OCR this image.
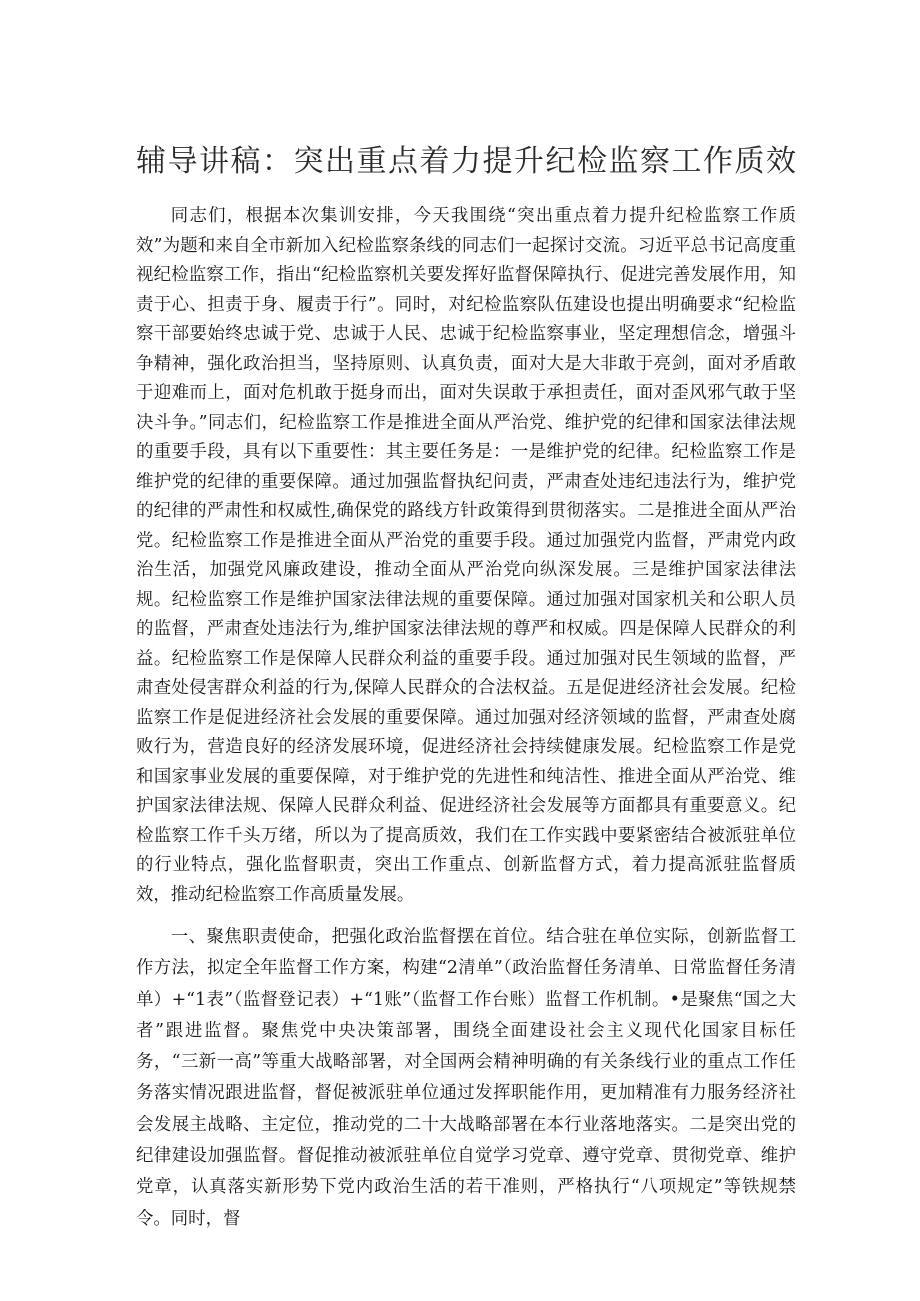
辅导讲稿：突出重点着力提升纪检监察工作质效

同志们，根据本次集训安排，今天我围绕“突出重点着力提升纪检监察工作质效”为题和来自全市新加入纪检监察条线的同志们一起探讨交流。习近平总书记高度重视纪检监察工作，指出“纪检监察机关要发挥好监督保障执行、促进完善发展作用，知责于心、担责于身、履责于行”。同时，对纪检监察队伍建设也提出明确要求“纪检监察干部要始终忠诚于党、忠诚于人民、忠诚于纪检监察事业，坚定理想信念，增强斗争精神，强化政治担当，坚持原则、认真负责，面对大是大非敢于亮剑，面对矛盾敢于迎难而上，面对危机敢于挺身而出，面对失误敢于承担责任，面对歪风邪气敢于坚决斗争。”同志们，纪检监察工作是推进全面从严治党、维护党的纪律和国家法律法规的重要手段，具有以下重要性：其主要任务是：一是维护党的纪律。纪检监察工作是维护党的纪律的重要保障。通过加强监督执纪问责，严肃查处违纪违法行为，维护党的纪律的严肃性和权威性,确保党的路线方针政策得到贯彻落实。二是推进全面从严治党。纪检监察工作是推进全面从严治党的重要手段。通过加强党内监督，严肃党内政治生活，加强党风廉政建设，推动全面从严治党向纵深发展。三是维护国家法律法规。纪检监察工作是维护国家法律法规的重要保障。通过加强对国家机关和公职人员的监督，严肃查处违法行为,维护国家法律法规的尊严和权威。四是保障人民群众的利益。纪检监察工作是保障人民群众利益的重要手段。通过加强对民生领域的监督，严肃查处侵害群众利益的行为,保障人民群众的合法权益。五是促进经济社会发展。纪检监察工作是促进经济社会发展的重要保障。通过加强对经济领域的监督，严肃查处腐败行为，营造良好的经济发展环境，促进经济社会持续健康发展。纪检监察工作是党和国家事业发展的重要保障，对于维护党的先进性和纯洁性、推进全面从严治党、维护国家法律法规、保障人民群众利益、促进经济社会发展等方面都具有重要意义。纪检监察工作千头万绪，所以为了提高质效，我们在工作实践中要紧密结合被派驻单位的行业特点，强化监督职责，突出工作重点、创新监督方式，着力提高派驻监督质效，推动纪检监察工作高质量发展。

一、聚焦职责使命，把强化政治监督摆在首位。结合驻在单位实际，创新监督工作方法，拟定全年监督工作方案，构建“2清单”（政治监督任务清单、日常监督任务清单）+“1表”（监督登记表）+“1账”（监督工作台账）监督工作机制。•是聚焦“国之大者”跟进监督。聚焦党中央决策部署，围绕全面建设社会主义现代化国家目标任务，“三新一高”等重大战略部署，对全国两会精神明确的有关条线行业的重点工作任务落实情况跟进监督，督促被派驻单位通过发挥职能作用，更加精准有力服务经济社会发展主战略、主定位，推动党的二十大战略部署在本行业落地落实。二是突出党的纪律建设加强监督。督促推动被派驻单位自觉学习党章、遵守党章、贯彻党章、维护党章，认真落实新形势下党内政治生活的若干准则，严格执行“八项规定”等铁规禁令。同时，督
